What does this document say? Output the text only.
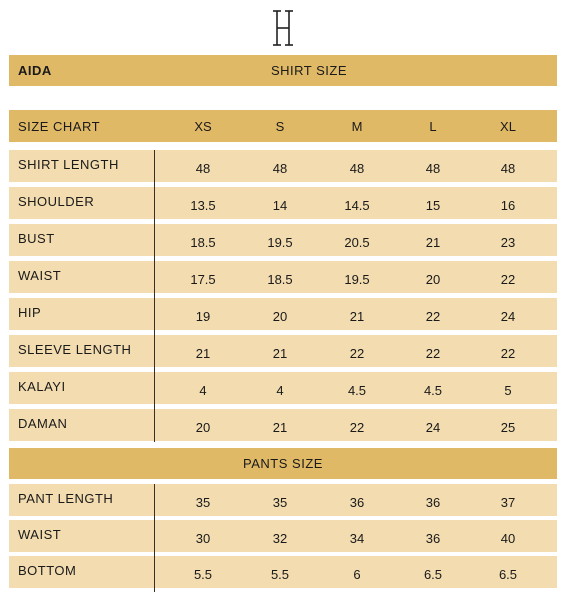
AIDA	SHIRT SIZE
SIZE CHART	XS	S	M	L	XL
SHIRT LENGTH	48	48	48	48	48
SHOULDER	13.5	14	14.5	15	16
BUST	18.5	19.5	20.5	21	23
WAIST	17.5	18.5	19.5	20	22
HIP	19	20	21	22	24
SLEEVE LENGTH	21	21	22	22	22
KALAYI	4	4	4.5	4.5	5
DAMAN	20	21	22	24	25
PANTS SIZE
PANT LENGTH	35	35	36	36	37
WAIST	30	32	34	36	40
BOTTOM	5.5	5.5	6	6.5	6.5
